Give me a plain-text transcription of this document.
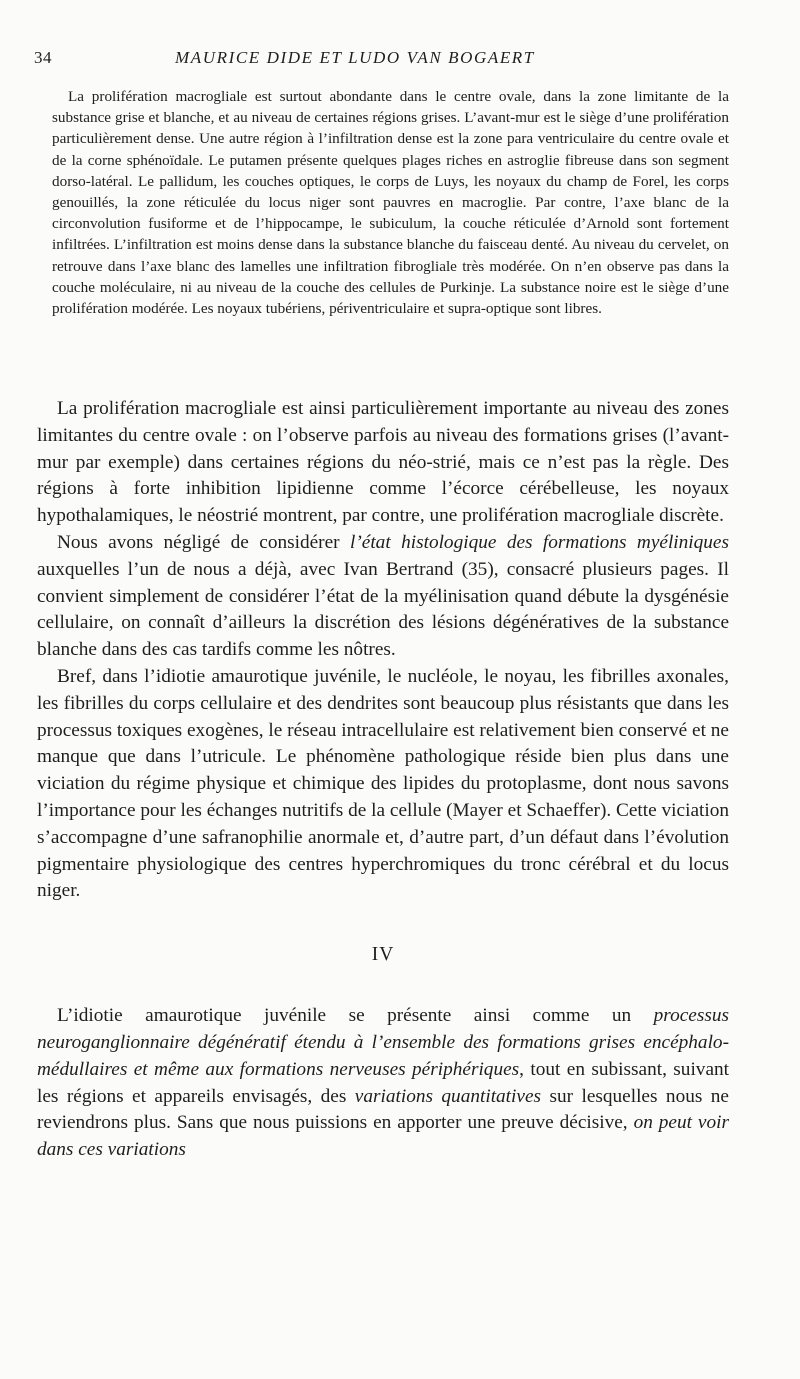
34	MAURICE DIDE ET LUDO VAN BOGAERT

La prolifération macrogliale est surtout abondante dans le centre ovale, dans la zone limitante de la substance grise et blanche, et au niveau de certaines régions grises. L’avant-mur est le siège d’une prolifération particulièrement dense. Une autre région à l’infiltration dense est la zone para ventriculaire du centre ovale et de la corne sphénoïdale. Le putamen présente quelques plages riches en astroglie fibreuse dans son segment dorso-latéral. Le pallidum, les couches optiques, le corps de Luys, les noyaux du champ de Forel, les corps genouillés, la zone réticulée du locus niger sont pauvres en macroglie. Par contre, l’axe blanc de la circonvolution fusiforme et de l’hippocampe, le subiculum, la couche réticulée d’Arnold sont fortement infiltrées. L’infiltration est moins dense dans la substance blanche du faisceau denté. Au niveau du cervelet, on retrouve dans l’axe blanc des lamelles une infiltration fibrogliale très modérée. On n’en observe pas dans la couche moléculaire, ni au niveau de la couche des cellules de Purkinje. La substance noire est le siège d’une prolifération modérée. Les noyaux tubériens, périventriculaire et supra-optique sont libres.

La prolifération macrogliale est ainsi particulièrement importante au niveau des zones limitantes du centre ovale : on l’observe parfois au niveau des formations grises (l’avant-mur par exemple) dans certaines régions du néo-strié, mais ce n’est pas la règle. Des régions à forte inhibition lipidienne comme l’écorce cérébelleuse, les noyaux hypothalamiques, le néostrié montrent, par contre, une prolifération macrogliale discrète.

Nous avons négligé de considérer l’état histologique des formations myéliniques auxquelles l’un de nous a déjà, avec Ivan Bertrand (35), consacré plusieurs pages. Il convient simplement de considérer l’état de la myélinisation quand débute la dysgénésie cellulaire, on connaît d’ailleurs la discrétion des lésions dégénératives de la substance blanche dans des cas tardifs comme les nôtres.

Bref, dans l’idiotie amaurotique juvénile, le nucléole, le noyau, les fibrilles axonales, les fibrilles du corps cellulaire et des dendrites sont beaucoup plus résistants que dans les processus toxiques exogènes, le réseau intracellulaire est relativement bien conservé et ne manque que dans l’utricule. Le phénomène pathologique réside bien plus dans une viciation du régime physique et chimique des lipides du protoplasme, dont nous savons l’importance pour les échanges nutritifs de la cellule (Mayer et Schaeffer). Cette viciation s’accompagne d’une safranophilie anormale et, d’autre part, d’un défaut dans l’évolution pigmentaire physiologique des centres hyperchromiques du tronc cérébral et du locus niger.

IV

L’idiotie amaurotique juvénile se présente ainsi comme un processus neuroganglionnaire dégénératif étendu à l’ensemble des formations grises encéphalo-médullaires et même aux formations nerveuses périphériques, tout en subissant, suivant les régions et appareils envisagés, des variations quantitatives sur lesquelles nous ne reviendrons plus. Sans que nous puissions en apporter une preuve décisive, on peut voir dans ces variations
